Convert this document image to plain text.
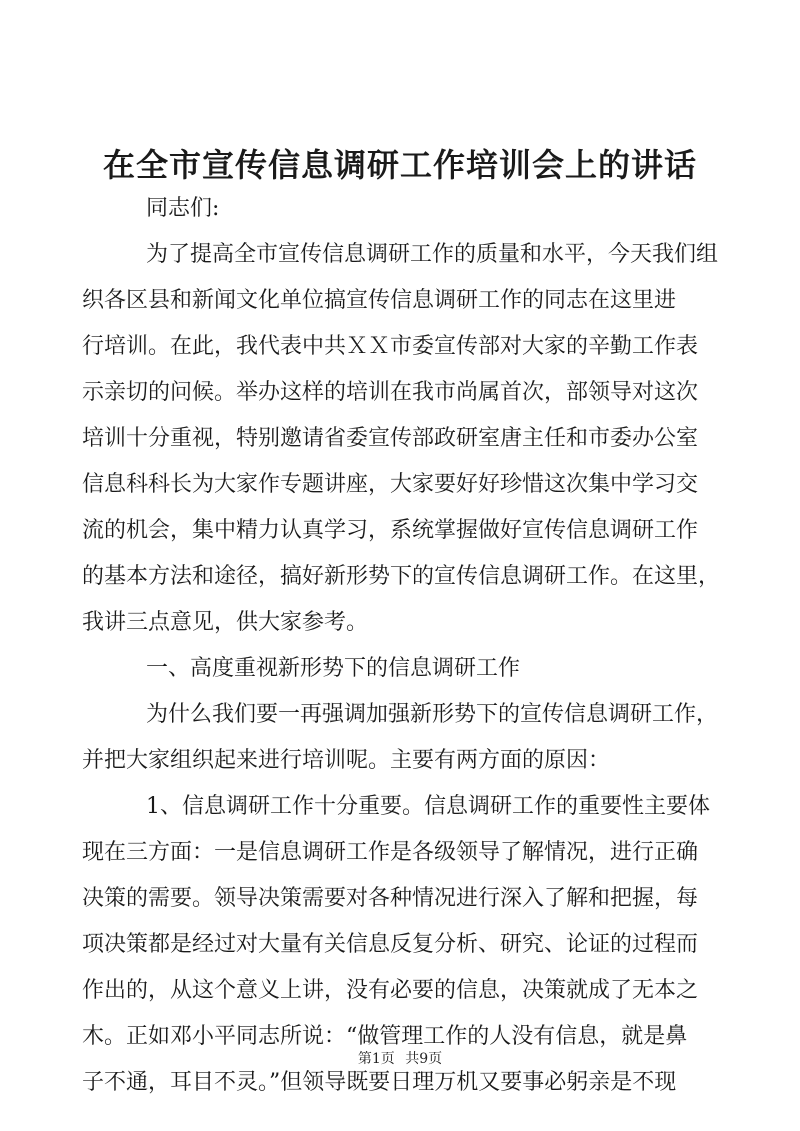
在全市宣传信息调研工作培训会上的讲话
同志们:
为了提高全市宣传信息调研工作的质量和水平，今天我们组
织各区县和新闻文化单位搞宣传信息调研工作的同志在这里进
行培训。在此，我代表中共ＸＸ市委宣传部对大家的辛勤工作表
示亲切的问候。举办这样的培训在我市尚属首次，部领导对这次
培训十分重视，特别邀请省委宣传部政研室唐主任和市委办公室
信息科科长为大家作专题讲座，大家要好好珍惜这次集中学习交
流的机会，集中精力认真学习，系统掌握做好宣传信息调研工作
的基本方法和途径，搞好新形势下的宣传信息调研工作。在这里，
我讲三点意见，供大家参考。
一、高度重视新形势下的信息调研工作
为什么我们要一再强调加强新形势下的宣传信息调研工作，
并把大家组织起来进行培训呢。主要有两方面的原因：
1、信息调研工作十分重要。信息调研工作的重要性主要体
现在三方面：一是信息调研工作是各级领导了解情况，进行正确
决策的需要。领导决策需要对各种情况进行深入了解和把握，每
项决策都是经过对大量有关信息反复分析、研究、论证的过程而
作出的，从这个意义上讲，没有必要的信息，决策就成了无本之
木。正如邓小平同志所说：“做管理工作的人没有信息，就是鼻
子不通，耳目不灵。”但领导既要日理万机又要事必躬亲是不现
第1页 共9页
